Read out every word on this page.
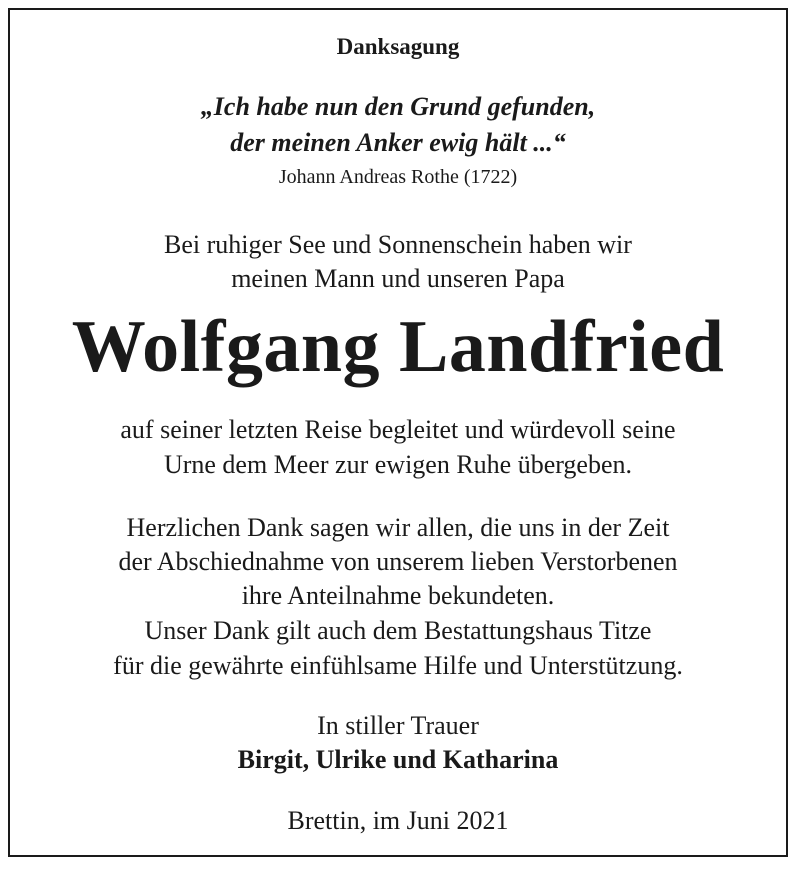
Danksagung
„Ich habe nun den Grund gefunden,
der meinen Anker ewig hält ...“
Johann Andreas Rothe (1722)
Bei ruhiger See und Sonnenschein haben wir
meinen Mann und unseren Papa
Wolfgang Landfried
auf seiner letzten Reise begleitet und würdevoll seine
Urne dem Meer zur ewigen Ruhe übergeben.
Herzlichen Dank sagen wir allen, die uns in der Zeit
der Abschiednahme von unserem lieben Verstorbenen
ihre Anteilnahme bekundeten.
Unser Dank gilt auch dem Bestattungshaus Titze
für die gewährte einfühlsame Hilfe und Unterstützung.
In stiller Trauer
Birgit, Ulrike und Katharina
Brettin, im Juni 2021
